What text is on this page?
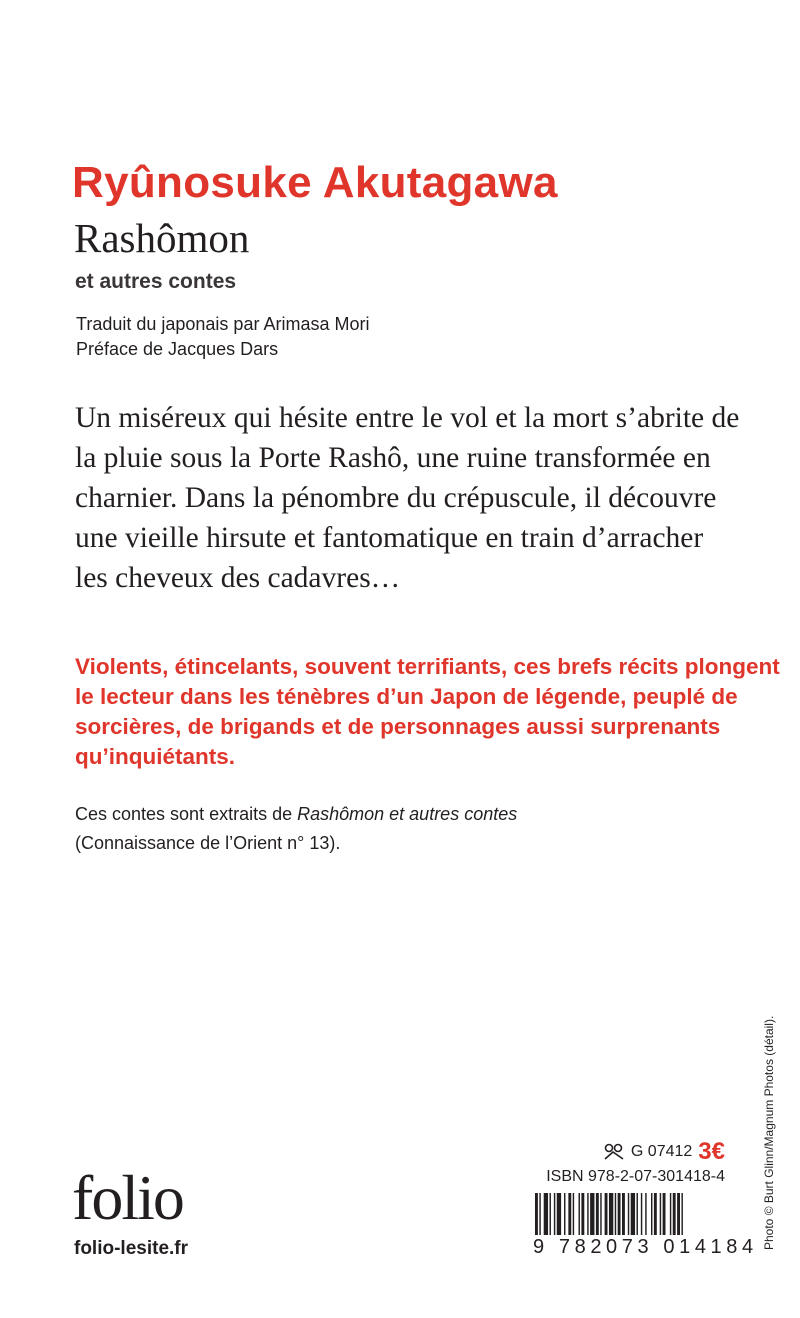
Ryûnosuke Akutagawa
Rashômon
et autres contes
Traduit du japonais par Arimasa Mori
Préface de Jacques Dars
Un miséreux qui hésite entre le vol et la mort s’abrite de
la pluie sous la Porte Rashô, une ruine transformée en
charnier. Dans la pénombre du crépuscule, il découvre
une vieille hirsute et fantomatique en train d’arracher
les cheveux des cadavres…
Violents, étincelants, souvent terrifiants, ces brefs récits plongent
le lecteur dans les ténèbres d’un Japon de légende, peuplé de
sorcières, de brigands et de personnages aussi surprenants
qu’inquiétants.
Ces contes sont extraits de Rashômon et autres contes
(Connaissance de l’Orient n° 13).
Photo © Burt Glinn/Magnum Photos (détail).
folio
folio-lesite.fr
G 07412 3€
ISBN 978-2-07-301418-4
9 782073 014184
